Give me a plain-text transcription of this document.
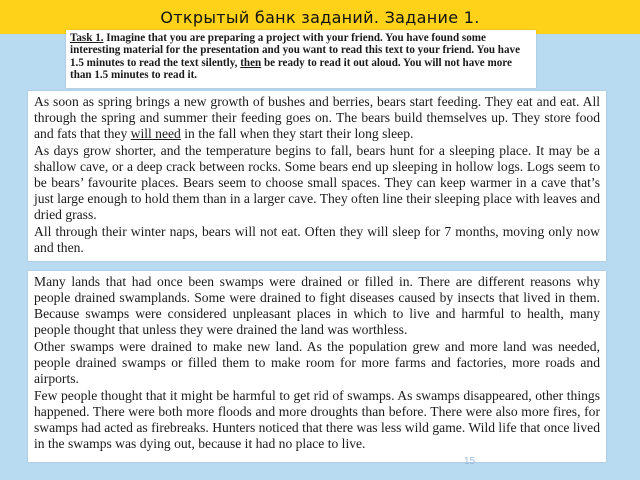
Открытый банк заданий. Задание 1.
Task 1. Imagine that you are preparing a project with your friend. You have found some interesting material for the presentation and you want to read this text to your friend. You have 1.5 minutes to read the text silently, then be ready to read it out aloud. You will not have more than 1.5 minutes to read it.

As soon as spring brings a new growth of bushes and berries, bears start feeding. They eat and eat. All through the spring and summer their feeding goes on. The bears build themselves up. They store food and fats that they will need in the fall when they start their long sleep.

As days grow shorter, and the temperature begins to fall, bears hunt for a sleeping place. It may be a shallow cave, or a deep crack between rocks. Some bears end up sleeping in hollow logs. Logs seem to be bears’ favourite places. Bears seem to choose small spaces. They can keep warmer in a cave that’s just large enough to hold them than in a larger cave. They often line their sleeping place with leaves and dried grass.

All through their winter naps, bears will not eat. Often they will sleep for 7 months, moving only now and then.

Many lands that had once been swamps were drained or filled in. There are different reasons why people drained swamplands. Some were drained to fight diseases caused by insects that lived in them. Because swamps were considered unpleasant places in which to live and harmful to health, many people thought that unless they were drained the land was worthless.

Other swamps were drained to make new land. As the population grew and more land was needed, people drained swamps or filled them to make room for more farms and factories, more roads and airports.

Few people thought that it might be harmful to get rid of swamps. As swamps disappeared, other things happened. There were both more floods and more droughts than before. There were also more fires, for swamps had acted as firebreaks. Hunters noticed that there was less wild game. Wild life that once lived in the swamps was dying out, because it had no place to live.

15
